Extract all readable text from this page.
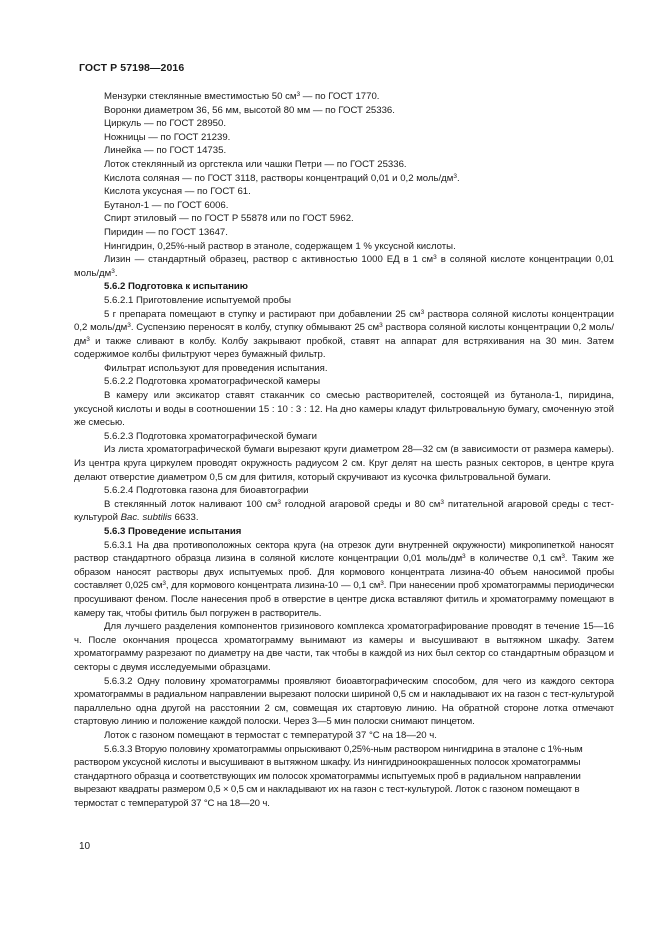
ГОСТ Р 57198—2016

Мензурки стеклянные вместимостью 50 $см^3$ — по ГОСТ 1770.

Воронки диаметром 36, 56 мм, высотой 80 мм — по ГОСТ 25336.

Циркуль — по ГОСТ 28950.

Ножницы — по ГОСТ 21239.

Линейка — по ГОСТ 14735.

Лоток стеклянный из оргстекла или чашки Петри — по ГОСТ 25336.

Кислота соляная — по ГОСТ 3118, растворы концентраций 0,01 и 0,2 моль/$дм^3$.

Кислота уксусная — по ГОСТ 61.

Бутанол-1 — по ГОСТ 6006.

Спирт этиловый — по ГОСТ Р 55878 или по ГОСТ 5962.

Пиридин — по ГОСТ 13647.

Нингидрин, 0,25%-ный раствор в этаноле, содержащем 1 % уксусной кислоты.

Лизин — стандартный образец, раствор с активностью 1000 ЕД в 1 $см^3$ в соляной кислоте концентрации 0,01 моль/$дм^3$.

5.6.2 Подготовка к испытанию

5.6.2.1 Приготовление испытуемой пробы

5 г препарата помещают в ступку и растирают при добавлении 25 $см^3$ раствора соляной кислоты концентрации 0,2 моль/$дм^3$. Суспензию переносят в колбу, ступку обмывают 25 $см^3$ раствора соляной кислоты концентрации 0,2 моль/$дм^3$ и также сливают в колбу. Колбу закрывают пробкой, ставят на аппарат для встряхивания на 30 мин. Затем содержимое колбы фильтруют через бумажный фильтр.

Фильтрат используют для проведения испытания.

5.6.2.2 Подготовка хроматографической камеры

В камеру или эксикатор ставят стаканчик со смесью растворителей, состоящей из бутанола-1, пиридина, уксусной кислоты и воды в соотношении 15 : 10 : 3 : 12. На дно камеры кладут фильтровальную бумагу, смоченную этой же смесью.

5.6.2.3 Подготовка хроматографической бумаги

Из листа хроматографической бумаги вырезают круги диаметром 28—32 см (в зависимости от размера камеры). Из центра круга циркулем проводят окружность радиусом 2 см. Круг делят на шесть разных секторов, в центре круга делают отверстие диаметром 0,5 см для фитиля, который скручивают из кусочка фильтровальной бумаги.

5.6.2.4 Подготовка газона для биоавтографии

В стеклянный лоток наливают 100 $см^3$ голодной агаровой среды и 80 $см^3$ питательной агаровой среды с тест-культурой Bac. subtilis 6633.

5.6.3 Проведение испытания

5.6.3.1 На два противоположных сектора круга (на отрезок дуги внутренней окружности) микропипеткой наносят раствор стандартного образца лизина в соляной кислоте концентрации 0,01 моль/$дм^3$ в количестве 0,1 $см^3$. Таким же образом наносят растворы двух испытуемых проб. Для кормового концентрата лизина-40 объем наносимой пробы составляет 0,025 $см^3$, для кормового концентрата лизина-10 — 0,1 $см^3$. При нанесении проб хроматограммы периодически просушивают феном. После нанесения проб в отверстие в центре диска вставляют фитиль и хроматограмму помещают в камеру так, чтобы фитиль был погружен в растворитель.

Для лучшего разделения компонентов гризинового комплекса хроматографирование проводят в течение 15—16 ч. После окончания процесса хроматограмму вынимают из камеры и высушивают в вытяжном шкафу. Затем хроматограмму разрезают по диаметру на две части, так чтобы в каждой из них был сектор со стандартным образцом и секторы с двумя исследуемыми образцами.

5.6.3.2 Одну половину хроматограммы проявляют биоавтографическим способом, для чего из каждого сектора хроматограммы в радиальном направлении вырезают полоски шириной 0,5 см и накладывают их на газон с тест-культурой параллельно одна другой на расстоянии 2 см, совмещая их стартовую линию. На обратной стороне лотка отмечают стартовую линию и положение каждой полоски. Через 3—5 мин полоски снимают пинцетом.

Лоток с газоном помещают в термостат с температурой 37 °С на 18—20 ч.

5.6.3.3 Вторую половину хроматограммы опрыскивают 0,25%-ным раствором нингидрина в эталоне с 1%-ным раствором уксусной кислоты и высушивают в вытяжном шкафу. Из нингидриноокрашенных полосок хроматограммы стандартного образца и соответствующих им полосок хроматограммы испытуемых проб в радиальном направлении вырезают квадраты размером 0,5 × 0,5 см и накладывают их на газон с тест-культурой. Лоток с газоном помещают в термостат с температурой 37 °С на 18—20 ч.

10
